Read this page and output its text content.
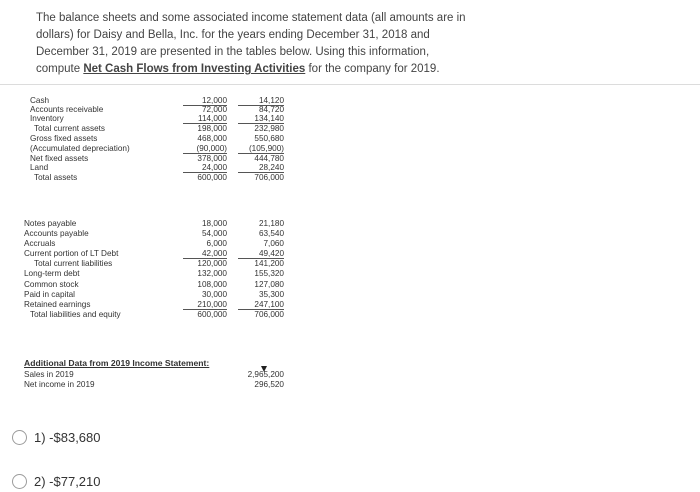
The balance sheets and some associated income statement data (all amounts are in
dollars) for Daisy and Bella, Inc. for the years ending December 31, 2018 and
December 31, 2019 are presented in the tables below. Using this information,
compute Net Cash Flows from Investing Activities for the company for 2019.
Cash	12,000	14,120
Accounts receivable	72,000	84,720
Inventory	114,000	134,140
Total current assets	198,000	232,980
Gross fixed assets	468,000	550,680
(Accumulated depreciation)	(90,000)	(105,900)
Net fixed assets	378,000	444,780
Land	24,000	28,240
Total assets	600,000	706,000
Notes payable	18,000	21,180
Accounts payable	54,000	63,540
Accruals	6,000	7,060
Current portion of LT Debt	42,000	49,420
Total current liabilities	120,000	141,200
Long-term debt	132,000	155,320
Common stock	108,000	127,080
Paid in capital	30,000	35,300
Retained earnings	210,000	247,100
Total liabilities and equity	600,000	706,000
Additional Data from 2019 Income Statement:
Sales in 2019	2,965,200
Net income in 2019	296,520
1) -$83,680
2) -$77,210
